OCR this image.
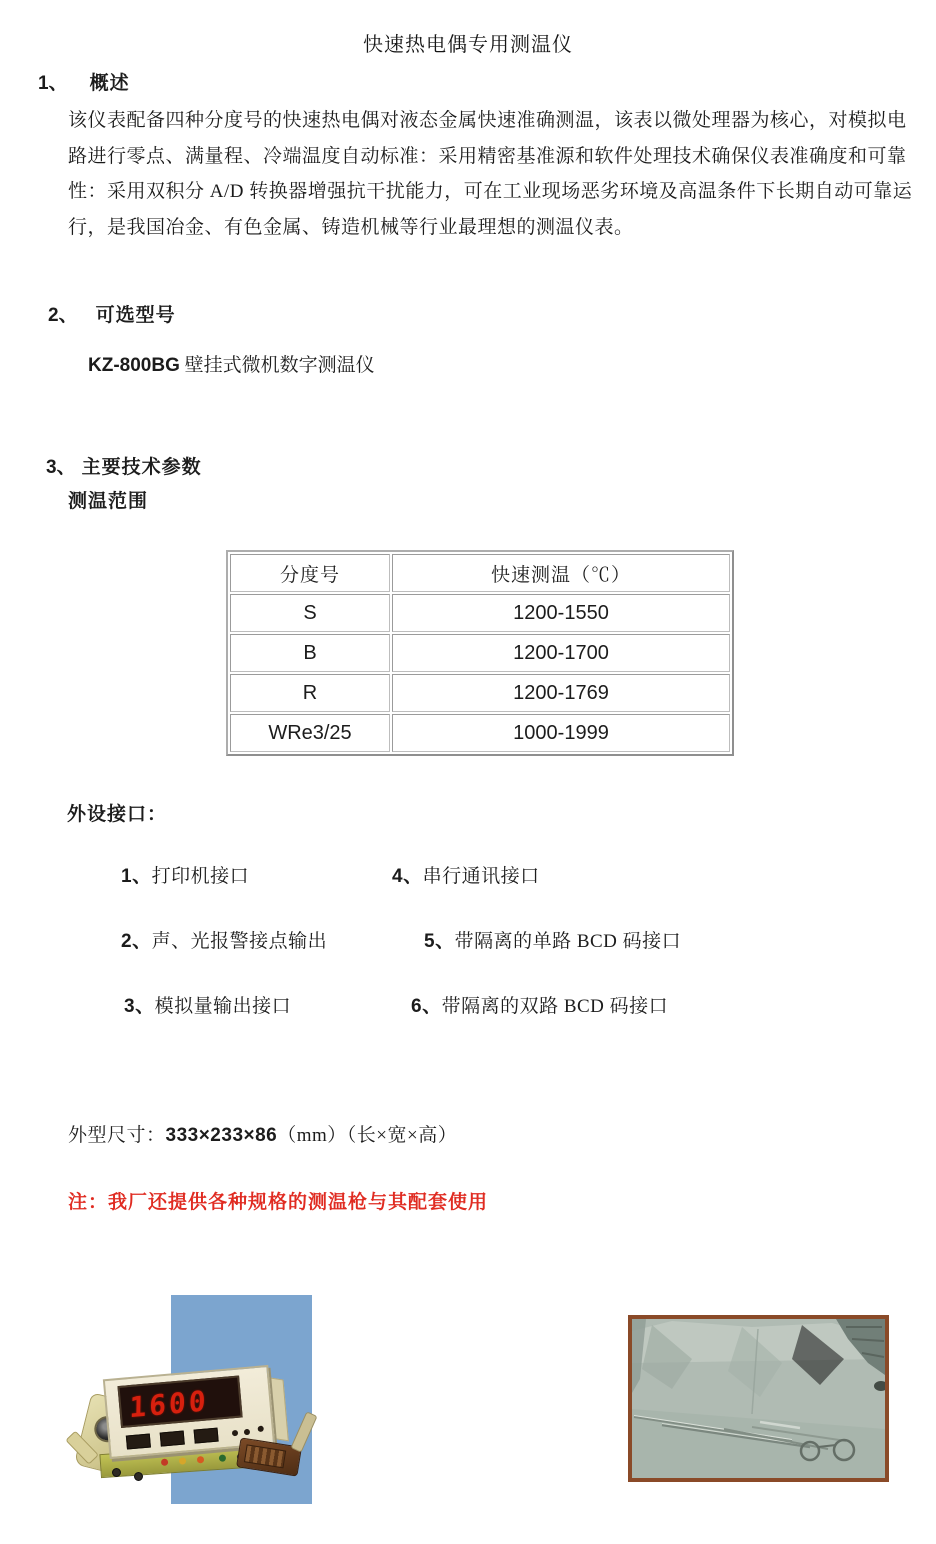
快速热电偶专用测温仪
1、 概述
该仪表配备四种分度号的快速热电偶对液态金属快速准确测温，该表以微处理器为核心，对模拟电
路进行零点、满量程、冷端温度自动标准：采用精密基准源和软件处理技术确保仪表准确度和可靠
性：采用双积分 A/D 转换器增强抗干扰能力，可在工业现场恶劣环境及高温条件下长期自动可靠运
行，是我国冶金、有色金属、铸造机械等行业最理想的测温仪表。
2、 可选型号
KZ-800BG 壁挂式微机数字测温仪
3、 主要技术参数
测温范围
分度号	快速测温（℃）
S	1200-1550
B	1200-1700
R	1200-1769
WRe3/25	1000-1999
外设接口：
1、打印机接口	4、串行通讯接口
2、声、光报警接点输出	5、带隔离的单路 BCD 码接口
3、模拟量输出接口	6、带隔离的双路 BCD 码接口
外型尺寸：333×233×86（mm）（长×宽×高）
注：我厂还提供各种规格的测温枪与其配套使用
1600
